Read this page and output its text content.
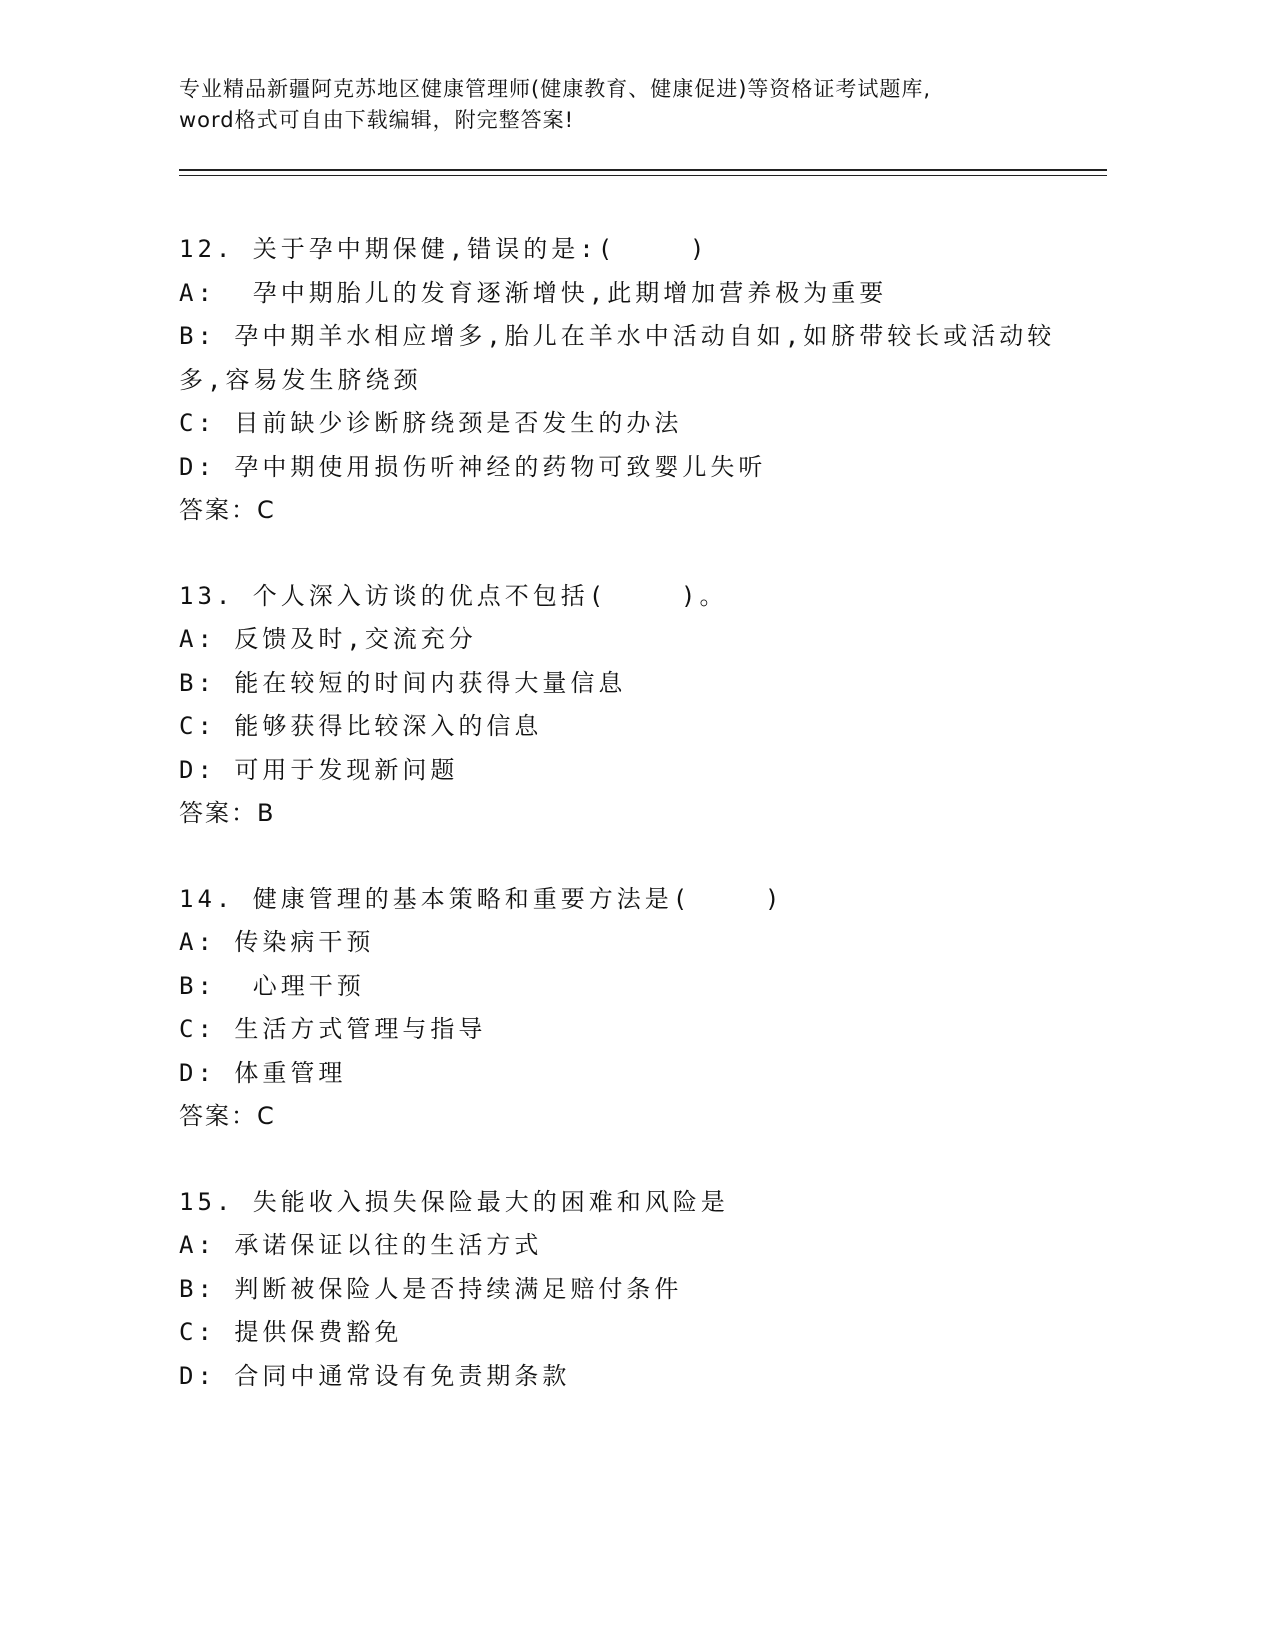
专业精品新疆阿克苏地区健康管理师(健康教育、健康促进)等资格证考试题库,
word格式可自由下载编辑，附完整答案!
12. 关于孕中期保健,错误的是:(    )
A:  孕中期胎儿的发育逐渐增快,此期增加营养极为重要
B: 孕中期羊水相应增多,胎儿在羊水中活动自如,如脐带较长或活动较
多,容易发生脐绕颈
C: 目前缺少诊断脐绕颈是否发生的办法
D: 孕中期使用损伤听神经的药物可致婴儿失听
答案：C
13. 个人深入访谈的优点不包括(    )。
A: 反馈及时,交流充分
B: 能在较短的时间内获得大量信息
C: 能够获得比较深入的信息
D: 可用于发现新问题
答案：B
14. 健康管理的基本策略和重要方法是(    )
A: 传染病干预
B:  心理干预
C: 生活方式管理与指导
D: 体重管理
答案：C
15. 失能收入损失保险最大的困难和风险是
A: 承诺保证以往的生活方式
B: 判断被保险人是否持续满足赔付条件
C: 提供保费豁免
D: 合同中通常设有免责期条款
